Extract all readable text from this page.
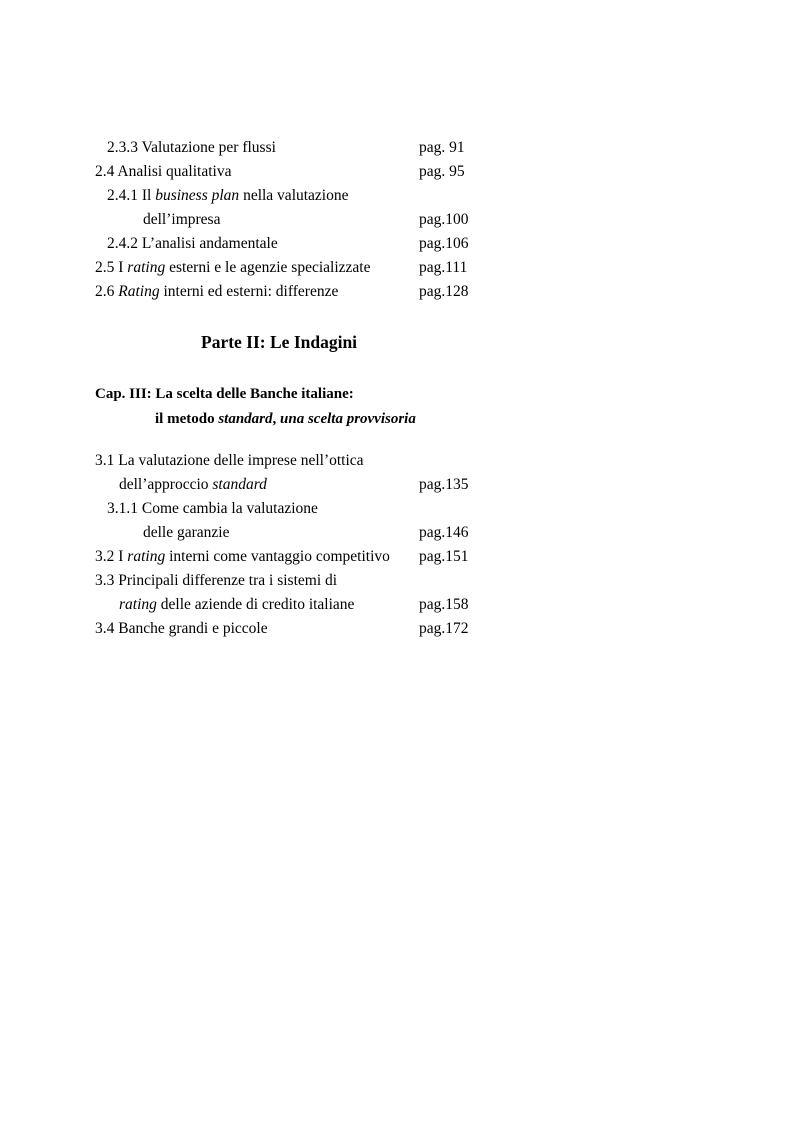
2.3.3 Valutazione per flussi	pag. 91
2.4 Analisi qualitativa	pag. 95
2.4.1 Il business plan nella valutazione
dell’impresa	pag.100
2.4.2 L’analisi andamentale	pag.106
2.5 I rating esterni e le agenzie specializzate	pag.111
2.6 Rating interni ed esterni: differenze	pag.128
Parte II: Le Indagini
Cap. III: La scelta delle Banche italiane:
il metodo standard, una scelta provvisoria
3.1 La valutazione delle imprese nell’ottica
dell’approccio standard	pag.135
3.1.1 Come cambia la valutazione
delle garanzie	pag.146
3.2 I rating interni come vantaggio competitivo pag.151
3.3 Principali differenze tra i sistemi di
rating delle aziende di credito italiane	pag.158
3.4 Banche grandi e piccole	pag.172
